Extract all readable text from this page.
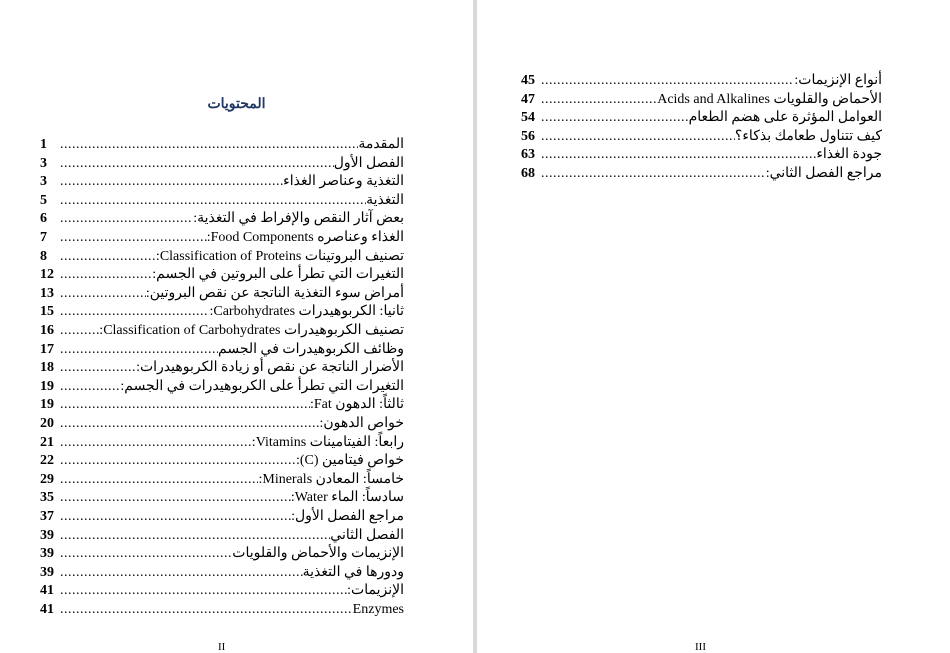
المحتويات
المقدمة
.....
1
الفصل الأول
.....
3
التغذية وعناصر الغذاء
.....
3
التغذية
.....
5
بعض آثار النقص والإفراط في التغذية:
.....
6
الغذاء وعناصره Food Components:
.....
7
تصنيف البروتينات Classification of Proteins:
.....
8
التغيرات التي تطرأ على البروتين في الجسم:
.....
12
أمراض سوء التغذية الناتجة عن نقص البروتين:
.....
13
ثانيا: الكربوهيدرات Carbohydrates:
.....
15
تصنيف الكربوهيدرات Classification of Carbohydrates:
.....
16
وظائف الكربوهيدرات في الجسم
.....
17
الأضرار الناتجة عن نقص أو زيادة الكربوهيدرات:
.....
18
التغيرات التي تطرأ على الكربوهيدرات في الجسم:
.....
19
ثالثاً: الدهون Fat:
.....
19
خواص الدهون:
.....
20
رابعاً: الفيتامينات Vitamins:
.....
21
خواص فيتامين (C):
.....
22
خامساً: المعادن Minerals:
.....
29
سادساً: الماء Water:
.....
35
مراجع الفصل الأول:
.....
37
الفصل الثاني
.....
39
الإنزيمات والأحماض والقلويات
.....
39
ودورها في التغذية
.....
39
الإنزيمات:
.....
41
Enzymes
.....
41
II
أنواع الإنزيمات:
.....
45
الأحماض والقلويات Acids and Alkalines
.....
47
العوامل المؤثرة على هضم الطعام
.....
54
كيف تتناول طعامك بذكاء؟
.....
56
جودة الغذاء
.....
63
مراجع الفصل الثاني:
.....
68
III
